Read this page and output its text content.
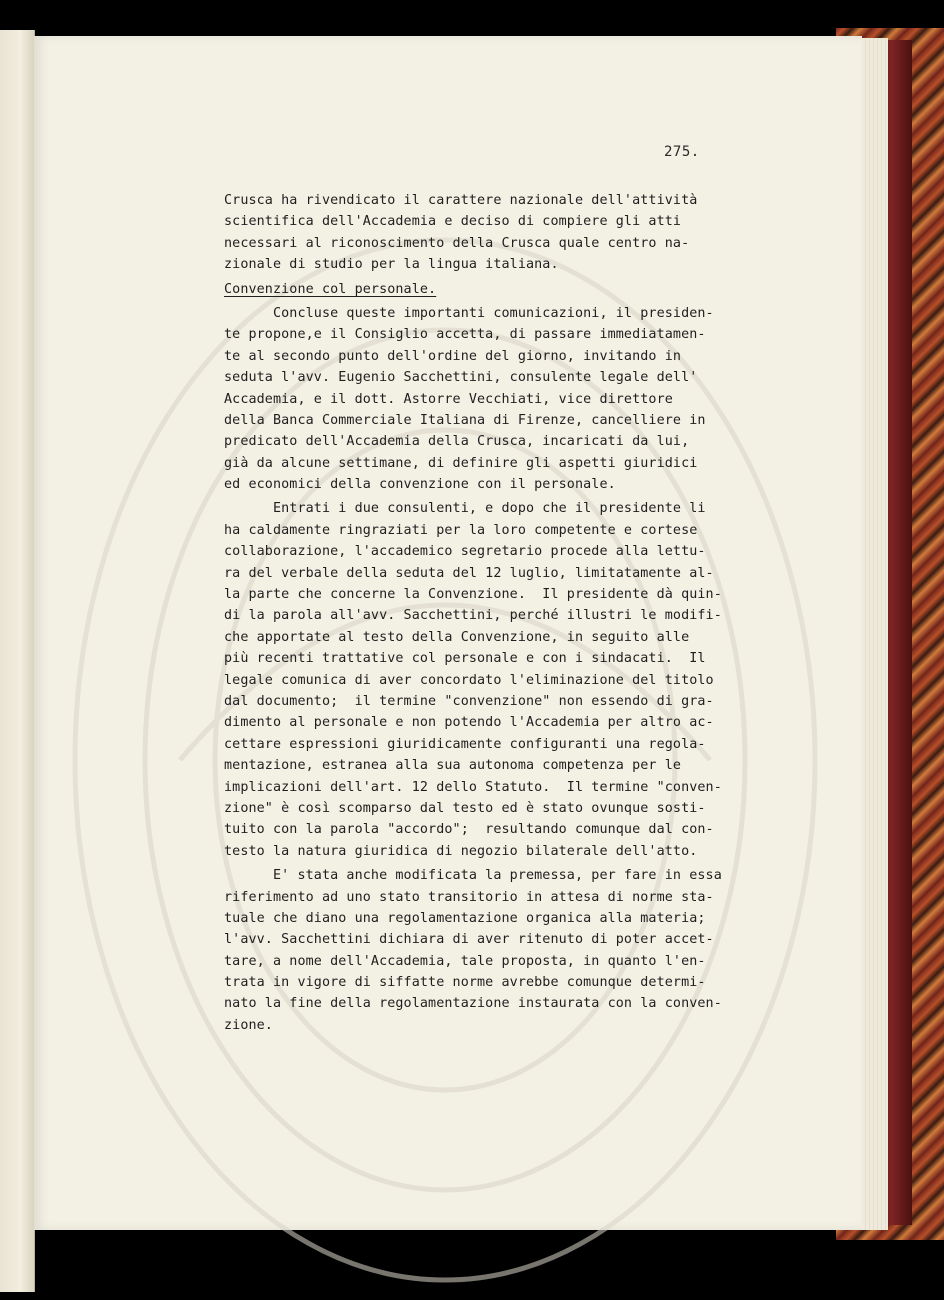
275.
Crusca ha rivendicato il carattere nazionale dell'attività
scientifica dell'Accademia e deciso di compiere gli atti
necessari al riconoscimento della Crusca quale centro na-
zionale di studio per la lingua italiana.
Convenzione col personale.
Concluse queste importanti comunicazioni, il presiden-
te propone,e il Consiglio accetta, di passare immediatamen-
te al secondo punto dell'ordine del giorno, invitando in
seduta l'avv. Eugenio Sacchettini, consulente legale dell'
Accademia, e il dott. Astorre Vecchiati, vice direttore
della Banca Commerciale Italiana di Firenze, cancelliere in
predicato dell'Accademia della Crusca, incaricati da lui,
già da alcune settimane, di definire gli aspetti giuridici
ed economici della convenzione con il personale.
Entrati i due consulenti, e dopo che il presidente li
ha caldamente ringraziati per la loro competente e cortese
collaborazione, l'accademico segretario procede alla lettu-
ra del verbale della seduta del 12 luglio, limitatamente al-
la parte che concerne la Convenzione.  Il presidente dà quin-
di la parola all'avv. Sacchettini, perché illustri le modifi-
che apportate al testo della Convenzione, in seguito alle
più recenti trattative col personale e con i sindacati.  Il
legale comunica di aver concordato l'eliminazione del titolo
dal documento;  il termine "convenzione" non essendo di gra-
dimento al personale e non potendo l'Accademia per altro ac-
cettare espressioni giuridicamente configuranti una regola-
mentazione, estranea alla sua autonoma competenza per le
implicazioni dell'art. 12 dello Statuto.  Il termine "conven-
zione" è così scomparso dal testo ed è stato ovunque sosti-
tuito con la parola "accordo";  resultando comunque dal con-
testo la natura giuridica di negozio bilaterale dell'atto.
E' stata anche modificata la premessa, per fare in essa
riferimento ad uno stato transitorio in attesa di norme sta-
tuale che diano una regolamentazione organica alla materia;
l'avv. Sacchettini dichiara di aver ritenuto di poter accet-
tare, a nome dell'Accademia, tale proposta, in quanto l'en-
trata in vigore di siffatte norme avrebbe comunque determi-
nato la fine della regolamentazione instaurata con la conven-
zione.
